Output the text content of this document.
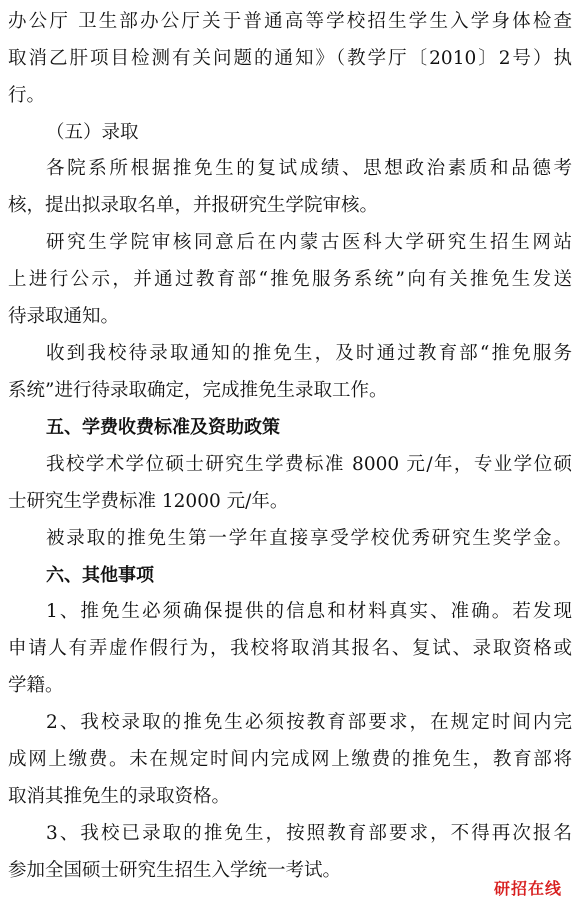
办公厅 卫生部办公厅关于普通高等学校招生学生入学身体检查
取消乙肝项目检测有关问题的通知》（教学厅〔2010〕2号）执
行。
（五）录取
各院系所根据推免生的复试成绩、思想政治素质和品德考
核，提出拟录取名单，并报研究生学院审核。
研究生学院审核同意后在内蒙古医科大学研究生招生网站
上进行公示，并通过教育部“推免服务系统”向有关推免生发送
待录取通知。
收到我校待录取通知的推免生，及时通过教育部“推免服务
系统”进行待录取确定，完成推免生录取工作。
五、学费收费标准及资助政策
我校学术学位硕士研究生学费标准 8000 元/年，专业学位硕
士研究生学费标准 12000 元/年。
被录取的推免生第一学年直接享受学校优秀研究生奖学金。
六、其他事项
1、推免生必须确保提供的信息和材料真实、准确。若发现
申请人有弄虚作假行为，我校将取消其报名、复试、录取资格或
学籍。
2、我校录取的推免生必须按教育部要求，在规定时间内完
成网上缴费。未在规定时间内完成网上缴费的推免生，教育部将
取消其推免生的录取资格。
3、我校已录取的推免生，按照教育部要求，不得再次报名
参加全国硕士研究生招生入学统一考试。
研招在线
